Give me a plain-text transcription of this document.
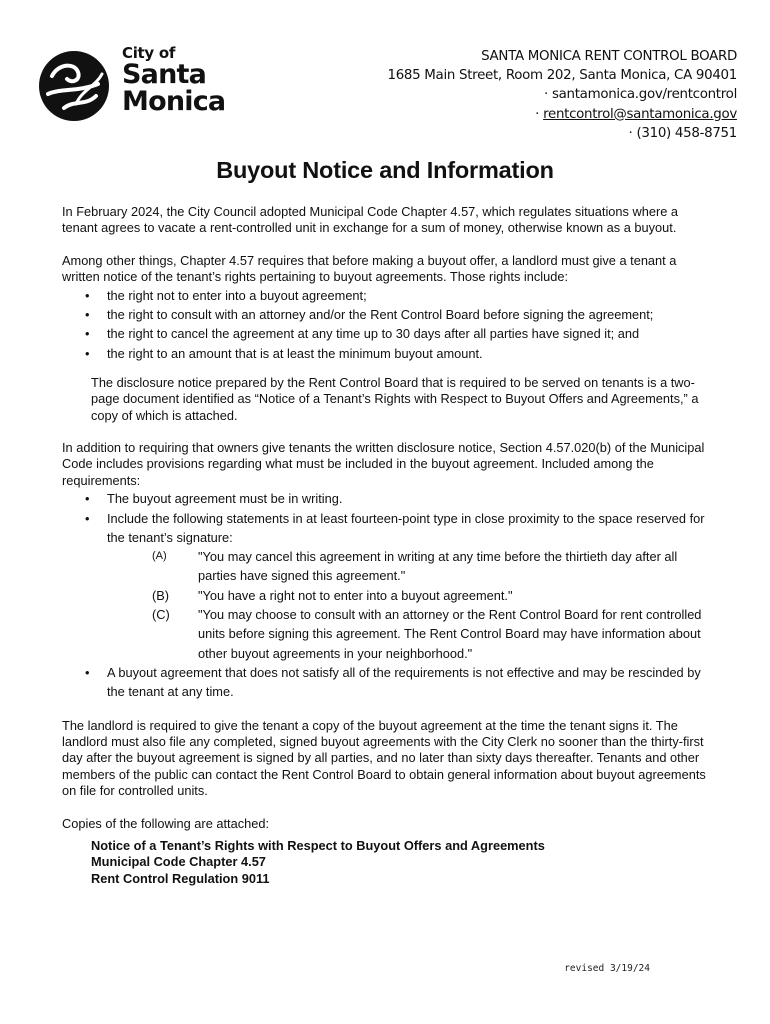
City of
Santa
Monica
SANTA MONICA RENT CONTROL BOARD
1685 Main Street, Room 202, Santa Monica, CA 90401
· santamonica.gov/rentcontrol
· rentcontrol@santamonica.gov
· (310) 458-8751
Buyout Notice and Information

In February 2024, the City Council adopted Municipal Code Chapter 4.57, which regulates situations where a tenant agrees to vacate a rent-controlled unit in exchange for a sum of money, otherwise known as a buyout.

Among other things, Chapter 4.57 requires that before making a buyout offer, a landlord must give a tenant a written notice of the tenant’s rights pertaining to buyout agreements. Those rights include:

• the right not to enter into a buyout agreement;
• the right to consult with an attorney and/or the Rent Control Board before signing the agreement;
• the right to cancel the agreement at any time up to 30 days after all parties have signed it; and
• the right to an amount that is at least the minimum buyout amount.

The disclosure notice prepared by the Rent Control Board that is required to be served on tenants is a two-page document identified as “Notice of a Tenant’s Rights with Respect to Buyout Offers and Agreements,” a copy of which is attached.

In addition to requiring that owners give tenants the written disclosure notice, Section 4.57.020(b) of the Municipal Code includes provisions regarding what must be included in the buyout agreement. Included among the requirements:

• The buyout agreement must be in writing.
• Include the following statements in at least fourteen-point type in close proximity to the space reserved for the tenant’s signature:
(A) "You may cancel this agreement in writing at any time before the thirtieth day after all parties have signed this agreement."
(B) "You have a right not to enter into a buyout agreement."
(C) "You may choose to consult with an attorney or the Rent Control Board for rent controlled units before signing this agreement. The Rent Control Board may have information about other buyout agreements in your neighborhood."
• A buyout agreement that does not satisfy all of the requirements is not effective and may be rescinded by the tenant at any time.

The landlord is required to give the tenant a copy of the buyout agreement at the time the tenant signs it. The landlord must also file any completed, signed buyout agreements with the City Clerk no sooner than the thirty-first day after the buyout agreement is signed by all parties, and no later than sixty days thereafter. Tenants and other members of the public can contact the Rent Control Board to obtain general information about buyout agreements on file for controlled units.

Copies of the following are attached:

Notice of a Tenant’s Rights with Respect to Buyout Offers and Agreements
Municipal Code Chapter 4.57
Rent Control Regulation 9011
revised 3/19/24
